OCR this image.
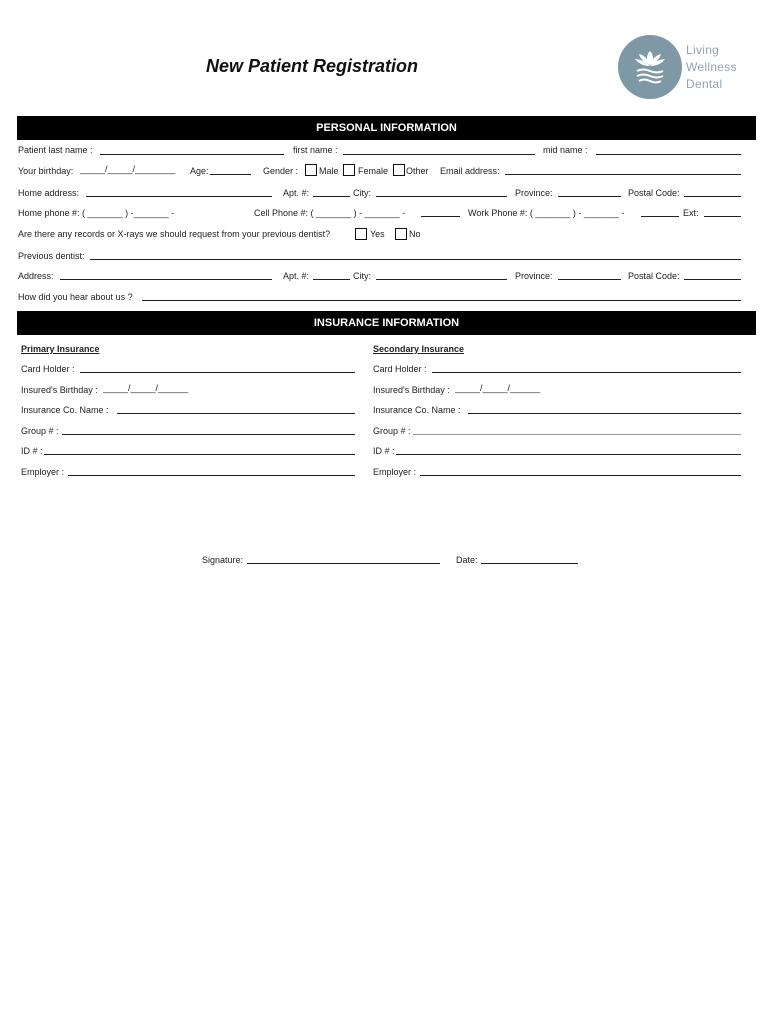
New Patient Registration
Living
Wellness
Dental
PERSONAL INFORMATION
Patient last name :	first name :	mid name :
Your birthday: _____/_____/________ Age:	Gender : Male Female Other Email address:
Home address:	Apt. #:	City:	Province:	Postal Code:
Home phone #: ( _______ ) -_______ -	Cell Phone #: ( _______ ) - _______ -	Work Phone #: ( _______ ) - _______ -	Ext:
Are there any records or X-rays we should request from your previous dentist?	Yes	No
Previous dentist:
Address:	Apt. #:	City:	Province:	Postal Code:
How did you hear about us ?
INSURANCE INFORMATION
Primary Insurance
Card Holder :
Insured's Birthday : _____/_____/______
Insurance Co. Name :
Group # :
ID # :
Employer :
Secondary Insurance
Card Holder :
Insured's Birthday : _____/_____/______
Insurance Co. Name :
Group # :
ID # :
Employer :
Signature:	Date:
